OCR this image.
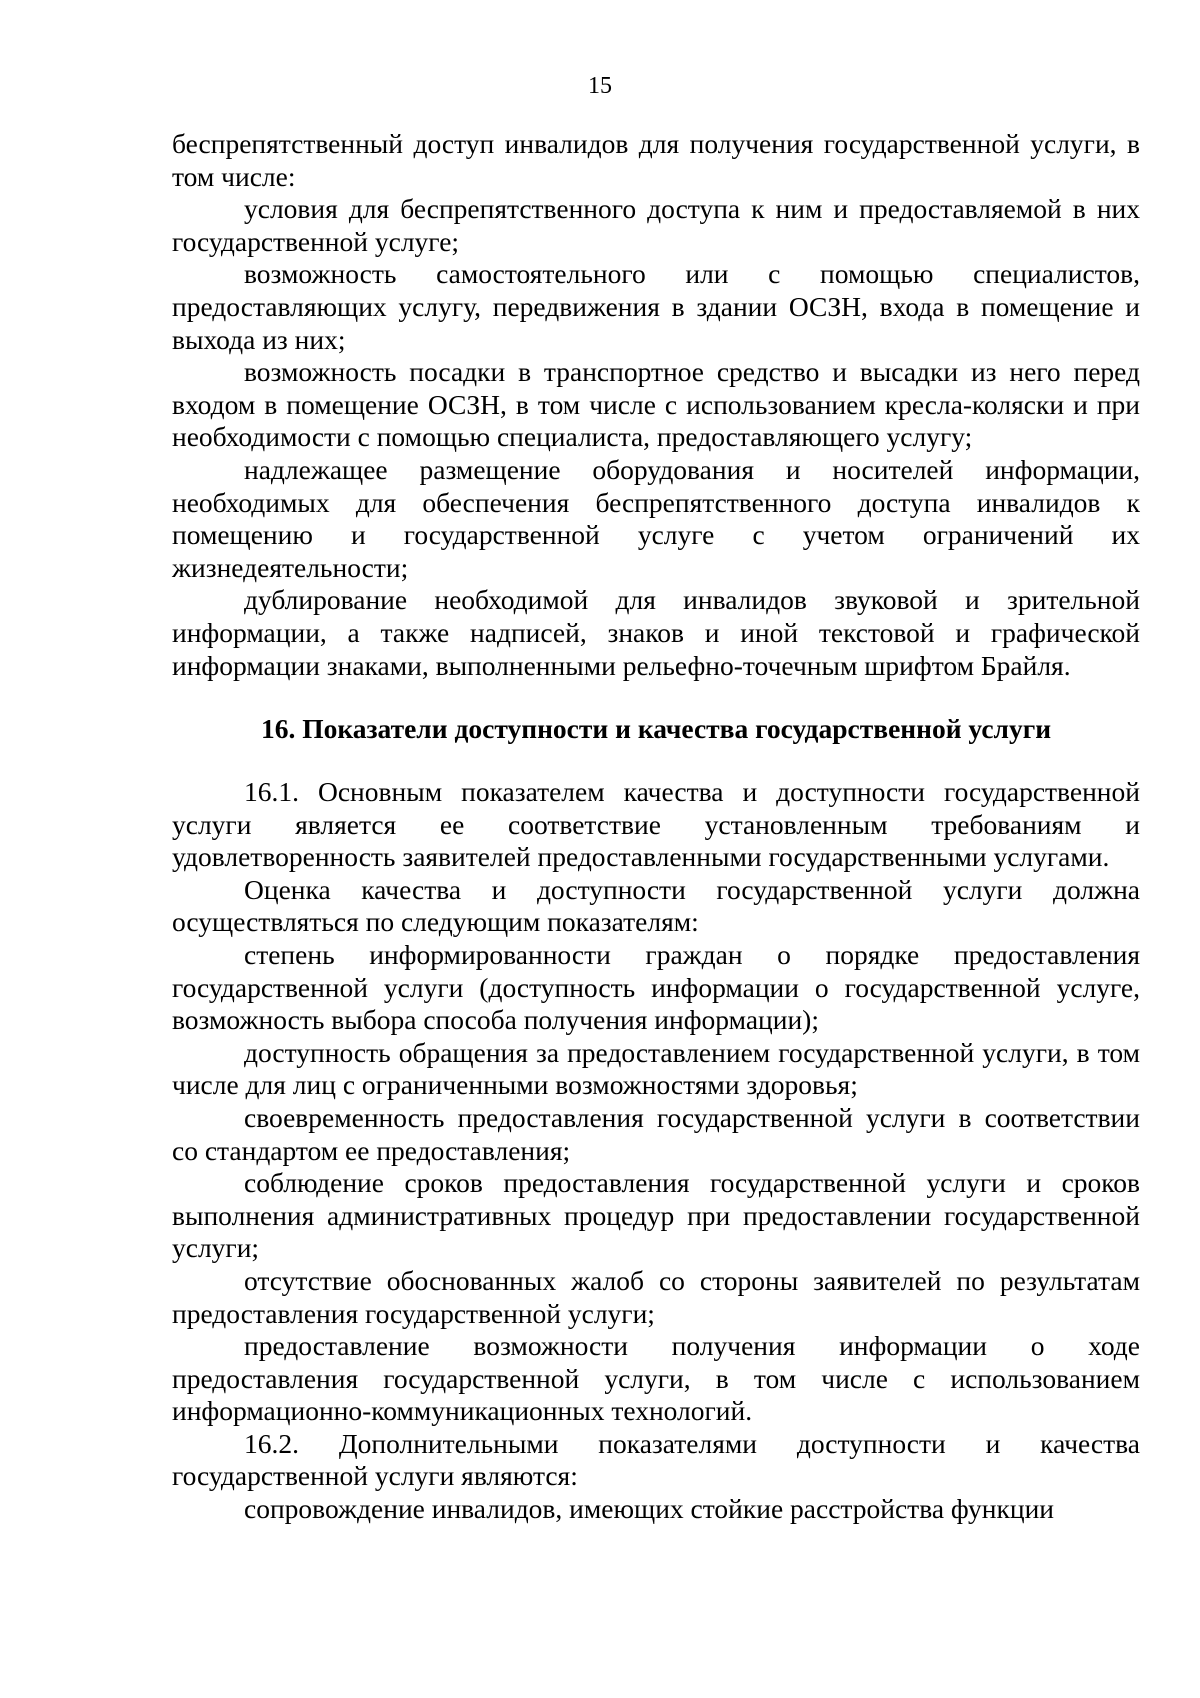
15

беспрепятственный доступ инвалидов для получения государственной услуги, в том числе:

условия для беспрепятственного доступа к ним и предоставляемой в них государственной услуге;

возможность самостоятельного или с помощью специалистов, предоставляющих услугу, передвижения в здании ОСЗН, входа в помещение и выхода из них;

возможность посадки в транспортное средство и высадки из него перед входом в помещение ОСЗН, в том числе с использованием кресла-коляски и при необходимости с помощью специалиста, предоставляющего услугу;

надлежащее размещение оборудования и носителей информации, необходимых для обеспечения беспрепятственного доступа инвалидов к помещению и государственной услуге с учетом ограничений их жизнедеятельности;

дублирование необходимой для инвалидов звуковой и зрительной информации, а также надписей, знаков и иной текстовой и графической информации знаками, выполненными рельефно-точечным шрифтом Брайля.

16. Показатели доступности и качества государственной услуги

16.1. Основным показателем качества и доступности государственной услуги является ее соответствие установленным требованиям и удовлетворенность заявителей предоставленными государственными услугами.

Оценка качества и доступности государственной услуги должна осуществляться по следующим показателям:

степень информированности граждан о порядке предоставления государственной услуги (доступность информации о государственной услуге, возможность выбора способа получения информации);

доступность обращения за предоставлением государственной услуги, в том числе для лиц с ограниченными возможностями здоровья;

своевременность предоставления государственной услуги в соответствии со стандартом ее предоставления;

соблюдение сроков предоставления государственной услуги и сроков выполнения административных процедур при предоставлении государственной услуги;

отсутствие обоснованных жалоб со стороны заявителей по результатам предоставления государственной услуги;

предоставление возможности получения информации о ходе предоставления государственной услуги, в том числе с использованием информационно-коммуникационных технологий.

16.2. Дополнительными показателями доступности и качества государственной услуги являются:

сопровождение инвалидов, имеющих стойкие расстройства функции
